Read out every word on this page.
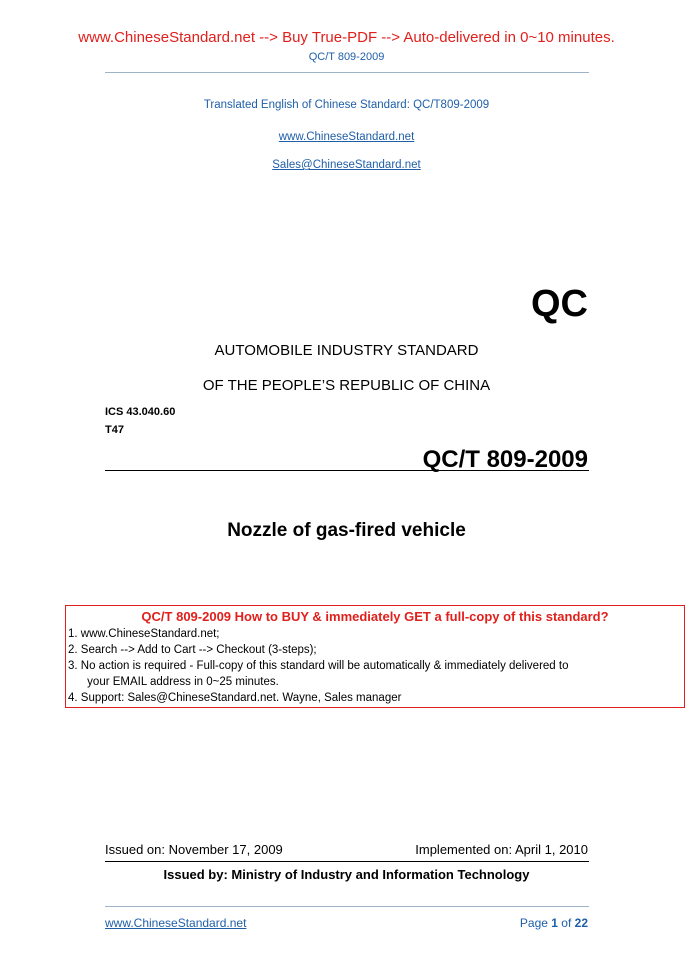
www.ChineseStandard.net --> Buy True-PDF --> Auto-delivered in 0~10 minutes.
QC/T 809-2009
Translated English of Chinese Standard: QC/T809-2009
www.ChineseStandard.net
Sales@ChineseStandard.net
QC
AUTOMOBILE INDUSTRY STANDARD
OF THE PEOPLE’S REPUBLIC OF CHINA
ICS 43.040.60
T47
QC/T 809-2009
Nozzle of gas-fired vehicle
QC/T 809-2009 How to BUY & immediately GET a full-copy of this standard?
1. www.ChineseStandard.net;
2. Search --> Add to Cart --> Checkout (3-steps);
3. No action is required - Full-copy of this standard will be automatically & immediately delivered to
your EMAIL address in 0~25 minutes.
4. Support: Sales@ChineseStandard.net. Wayne, Sales manager
Issued on: November 17, 2009	Implemented on: April 1, 2010
Issued by: Ministry of Industry and Information Technology
www.ChineseStandard.net	Page 1 of 22
